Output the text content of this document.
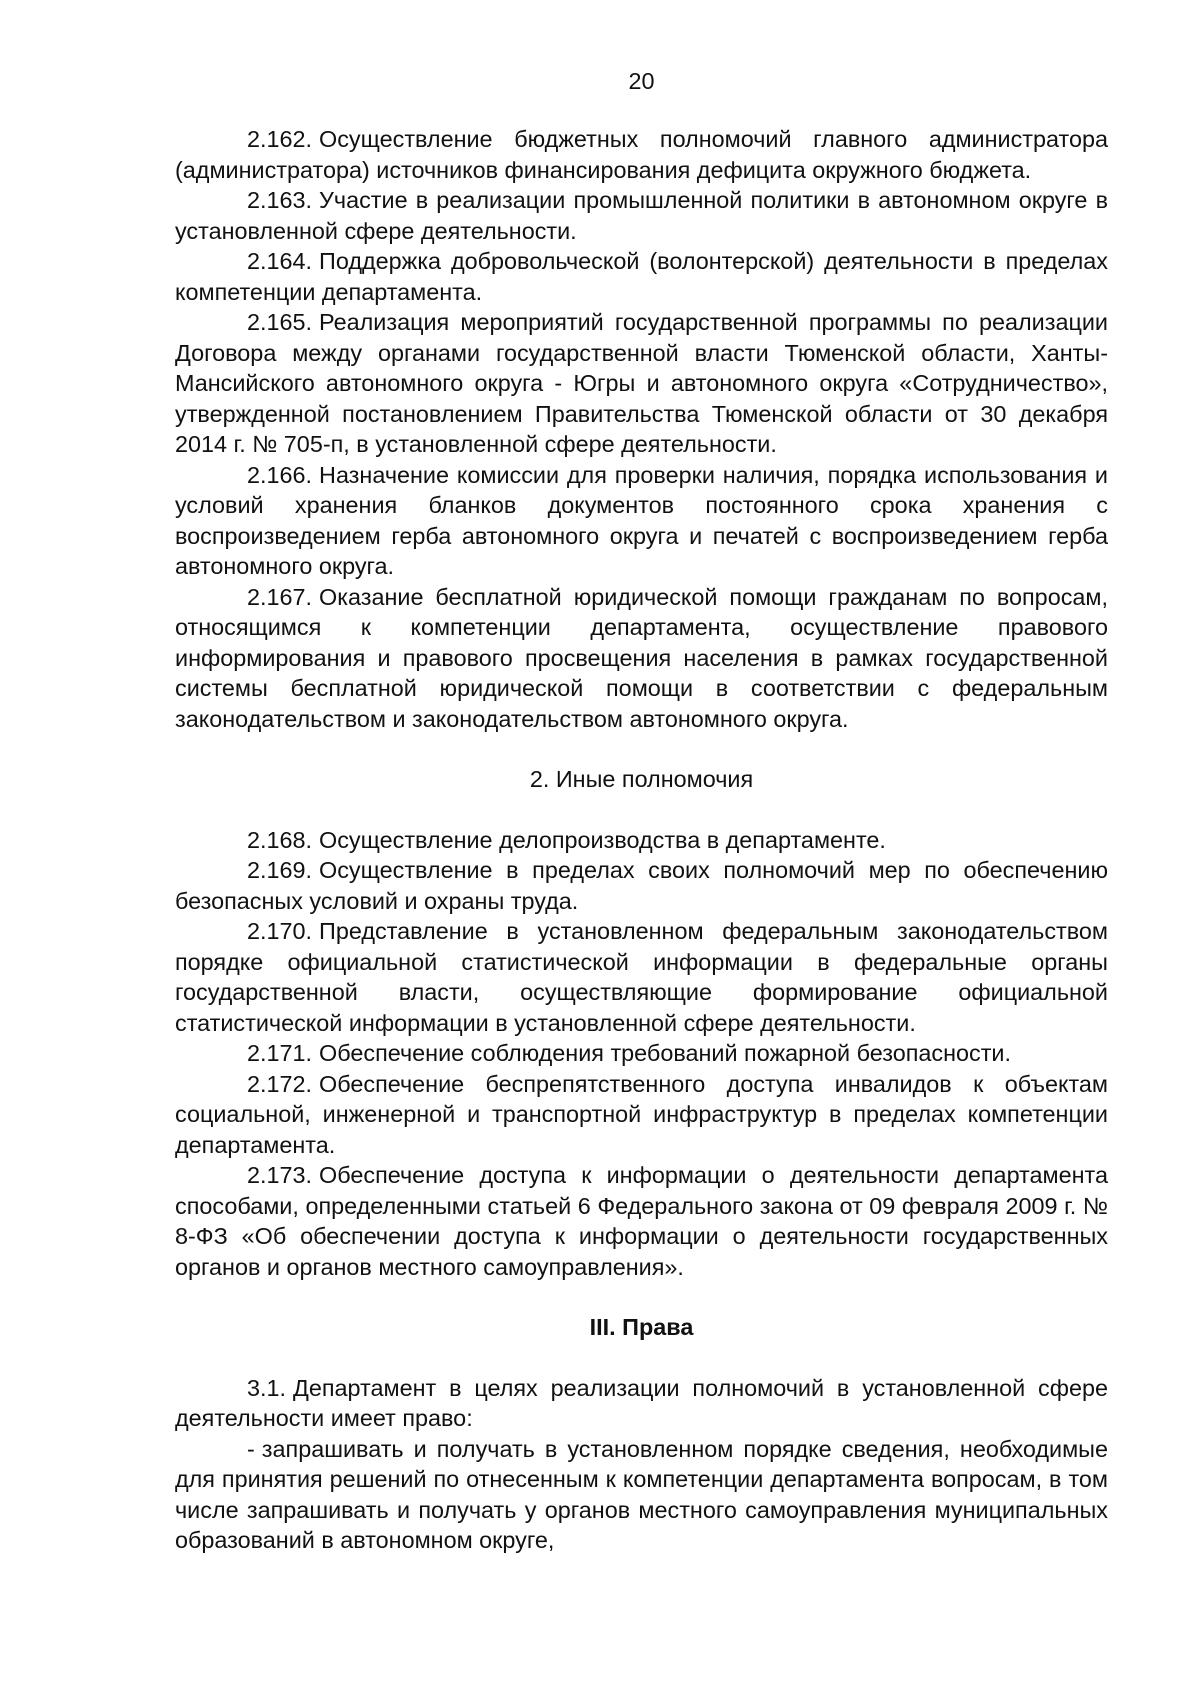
20

2.162. Осуществление бюджетных полномочий главного администратора (администратора) источников финансирования дефицита окружного бюджета.

2.163. Участие в реализации промышленной политики в автономном округе в установленной сфере деятельности.

2.164. Поддержка добровольческой (волонтерской) деятельности в пределах компетенции департамента.

2.165. Реализация мероприятий государственной программы по реализации Договора между органами государственной власти Тюменской области, Ханты-Мансийского автономного округа - Югры и автономного округа «Сотрудничество», утвержденной постановлением Правительства Тюменской области от 30 декабря 2014 г. № 705-п, в установленной сфере деятельности.

2.166. Назначение комиссии для проверки наличия, порядка использования и условий хранения бланков документов постоянного срока хранения с воспроизведением герба автономного округа и печатей с воспроизведением герба автономного округа.

2.167. Оказание бесплатной юридической помощи гражданам по вопросам, относящимся к компетенции департамента, осуществление правового информирования и правового просвещения населения в рамках государственной системы бесплатной юридической помощи в соответствии с федеральным законодательством и законодательством автономного округа.

2. Иные полномочия

2.168. Осуществление делопроизводства в департаменте.

2.169. Осуществление в пределах своих полномочий мер по обеспечению безопасных условий и охраны труда.

2.170. Представление в установленном федеральным законодательством порядке официальной статистической информации в федеральные органы государственной власти, осуществляющие формирование официальной статистической информации в установленной сфере деятельности.

2.171. Обеспечение соблюдения требований пожарной безопасности.

2.172. Обеспечение беспрепятственного доступа инвалидов к объектам социальной, инженерной и транспортной инфраструктур в пределах компетенции департамента.

2.173. Обеспечение доступа к информации о деятельности департамента способами, определенными статьей 6 Федерального закона от 09 февраля 2009 г. № 8-ФЗ «Об обеспечении доступа к информации о деятельности государственных органов и органов местного самоуправления».

III. Права

3.1. Департамент в целях реализации полномочий в установленной сфере деятельности имеет право:

- запрашивать и получать в установленном порядке сведения, необходимые для принятия решений по отнесенным к компетенции департамента вопросам, в том числе запрашивать и получать у органов местного самоуправления муниципальных образований в автономном округе,
